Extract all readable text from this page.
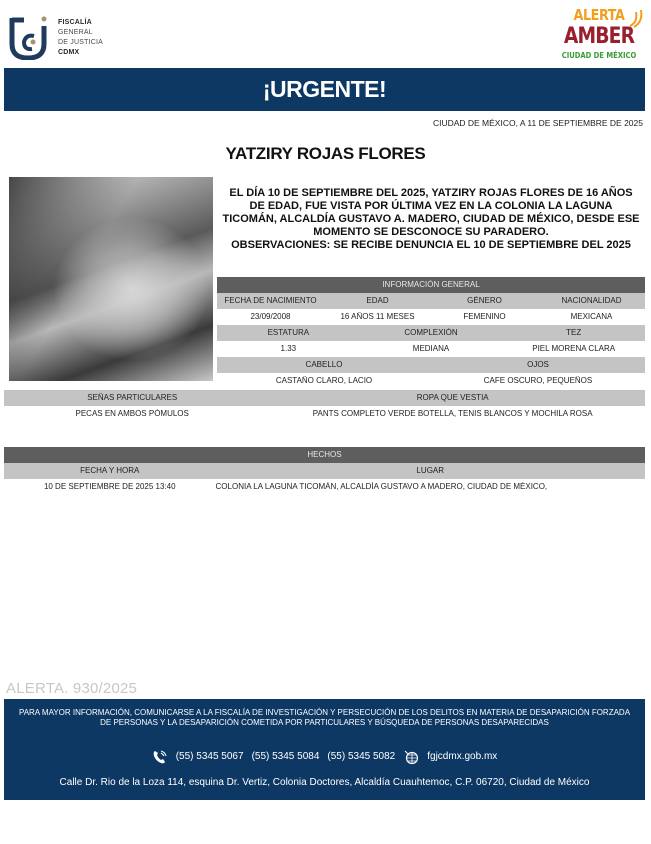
FISCALÍA
GENERAL
DE JUSTICIA
CDMX
ALERTA
AMBER
CIUDAD DE MÉXICO
¡URGENTE!
CIUDAD DE MÉXICO, A 11 DE SEPTIEMBRE DE 2025
YATZIRY ROJAS FLORES
EL DÍA 10 DE SEPTIEMBRE DEL 2025, YATZIRY ROJAS FLORES DE 16 AÑOS DE EDAD, FUE VISTA POR ÚLTIMA VEZ EN LA COLONIA LA LAGUNA TICOMÁN, ALCALDÍA GUSTAVO A. MADERO, CIUDAD DE MÉXICO, DESDE ESE MOMENTO SE DESCONOCE SU PARADERO.
OBSERVACIONES: SE RECIBE DENUNCIA EL 10 DE SEPTIEMBRE DEL 2025
INFORMACIÓN GENERAL
FECHA DE NACIMIENTO	EDAD	GÉNERO	NACIONALIDAD
23/09/2008	16 AÑOS 11 MESES	FEMENINO	MEXICANA
ESTATURA	COMPLEXIÓN	TEZ
1.33	MEDIANA	PIEL MORENA CLARA
CABELLO	OJOS
CASTAÑO CLARO, LACIO	CAFE OSCURO, PEQUEÑOS
SEÑAS PARTICULARES	ROPA QUE VESTIA
PECAS EN AMBOS PÓMULOS	PANTS COMPLETO VERDE BOTELLA, TENIS BLANCOS Y MOCHILA ROSA
HECHOS
FECHA Y HORA	LUGAR
10 DE SEPTIEMBRE DE 2025 13:40	COLONIA LA LAGUNA TICOMÁN, ALCALDÍA GUSTAVO A MADERO, CIUDAD DE MÉXICO,
ALERTA. 930/2025
PARA MAYOR INFORMACIÓN, COMUNICARSE A LA FISCALÍA DE INVESTIGACIÓN Y PERSECUCIÓN DE LOS DELITOS EN MATERIA DE DESAPARICIÓN FORZADA DE PERSONAS Y LA DESAPARICIÓN COMETIDA POR PARTICULARES Y BÚSQUEDA DE PERSONAS DESAPARECIDAS
(55) 5345 5067 (55) 5345 5084 (55) 5345 5082	fgjcdmx.gob.mx
Calle Dr. Rio de la Loza 114, esquina Dr. Vertiz, Colonia Doctores, Alcaldía Cuauhtemoc, C.P. 06720, Ciudad de México
